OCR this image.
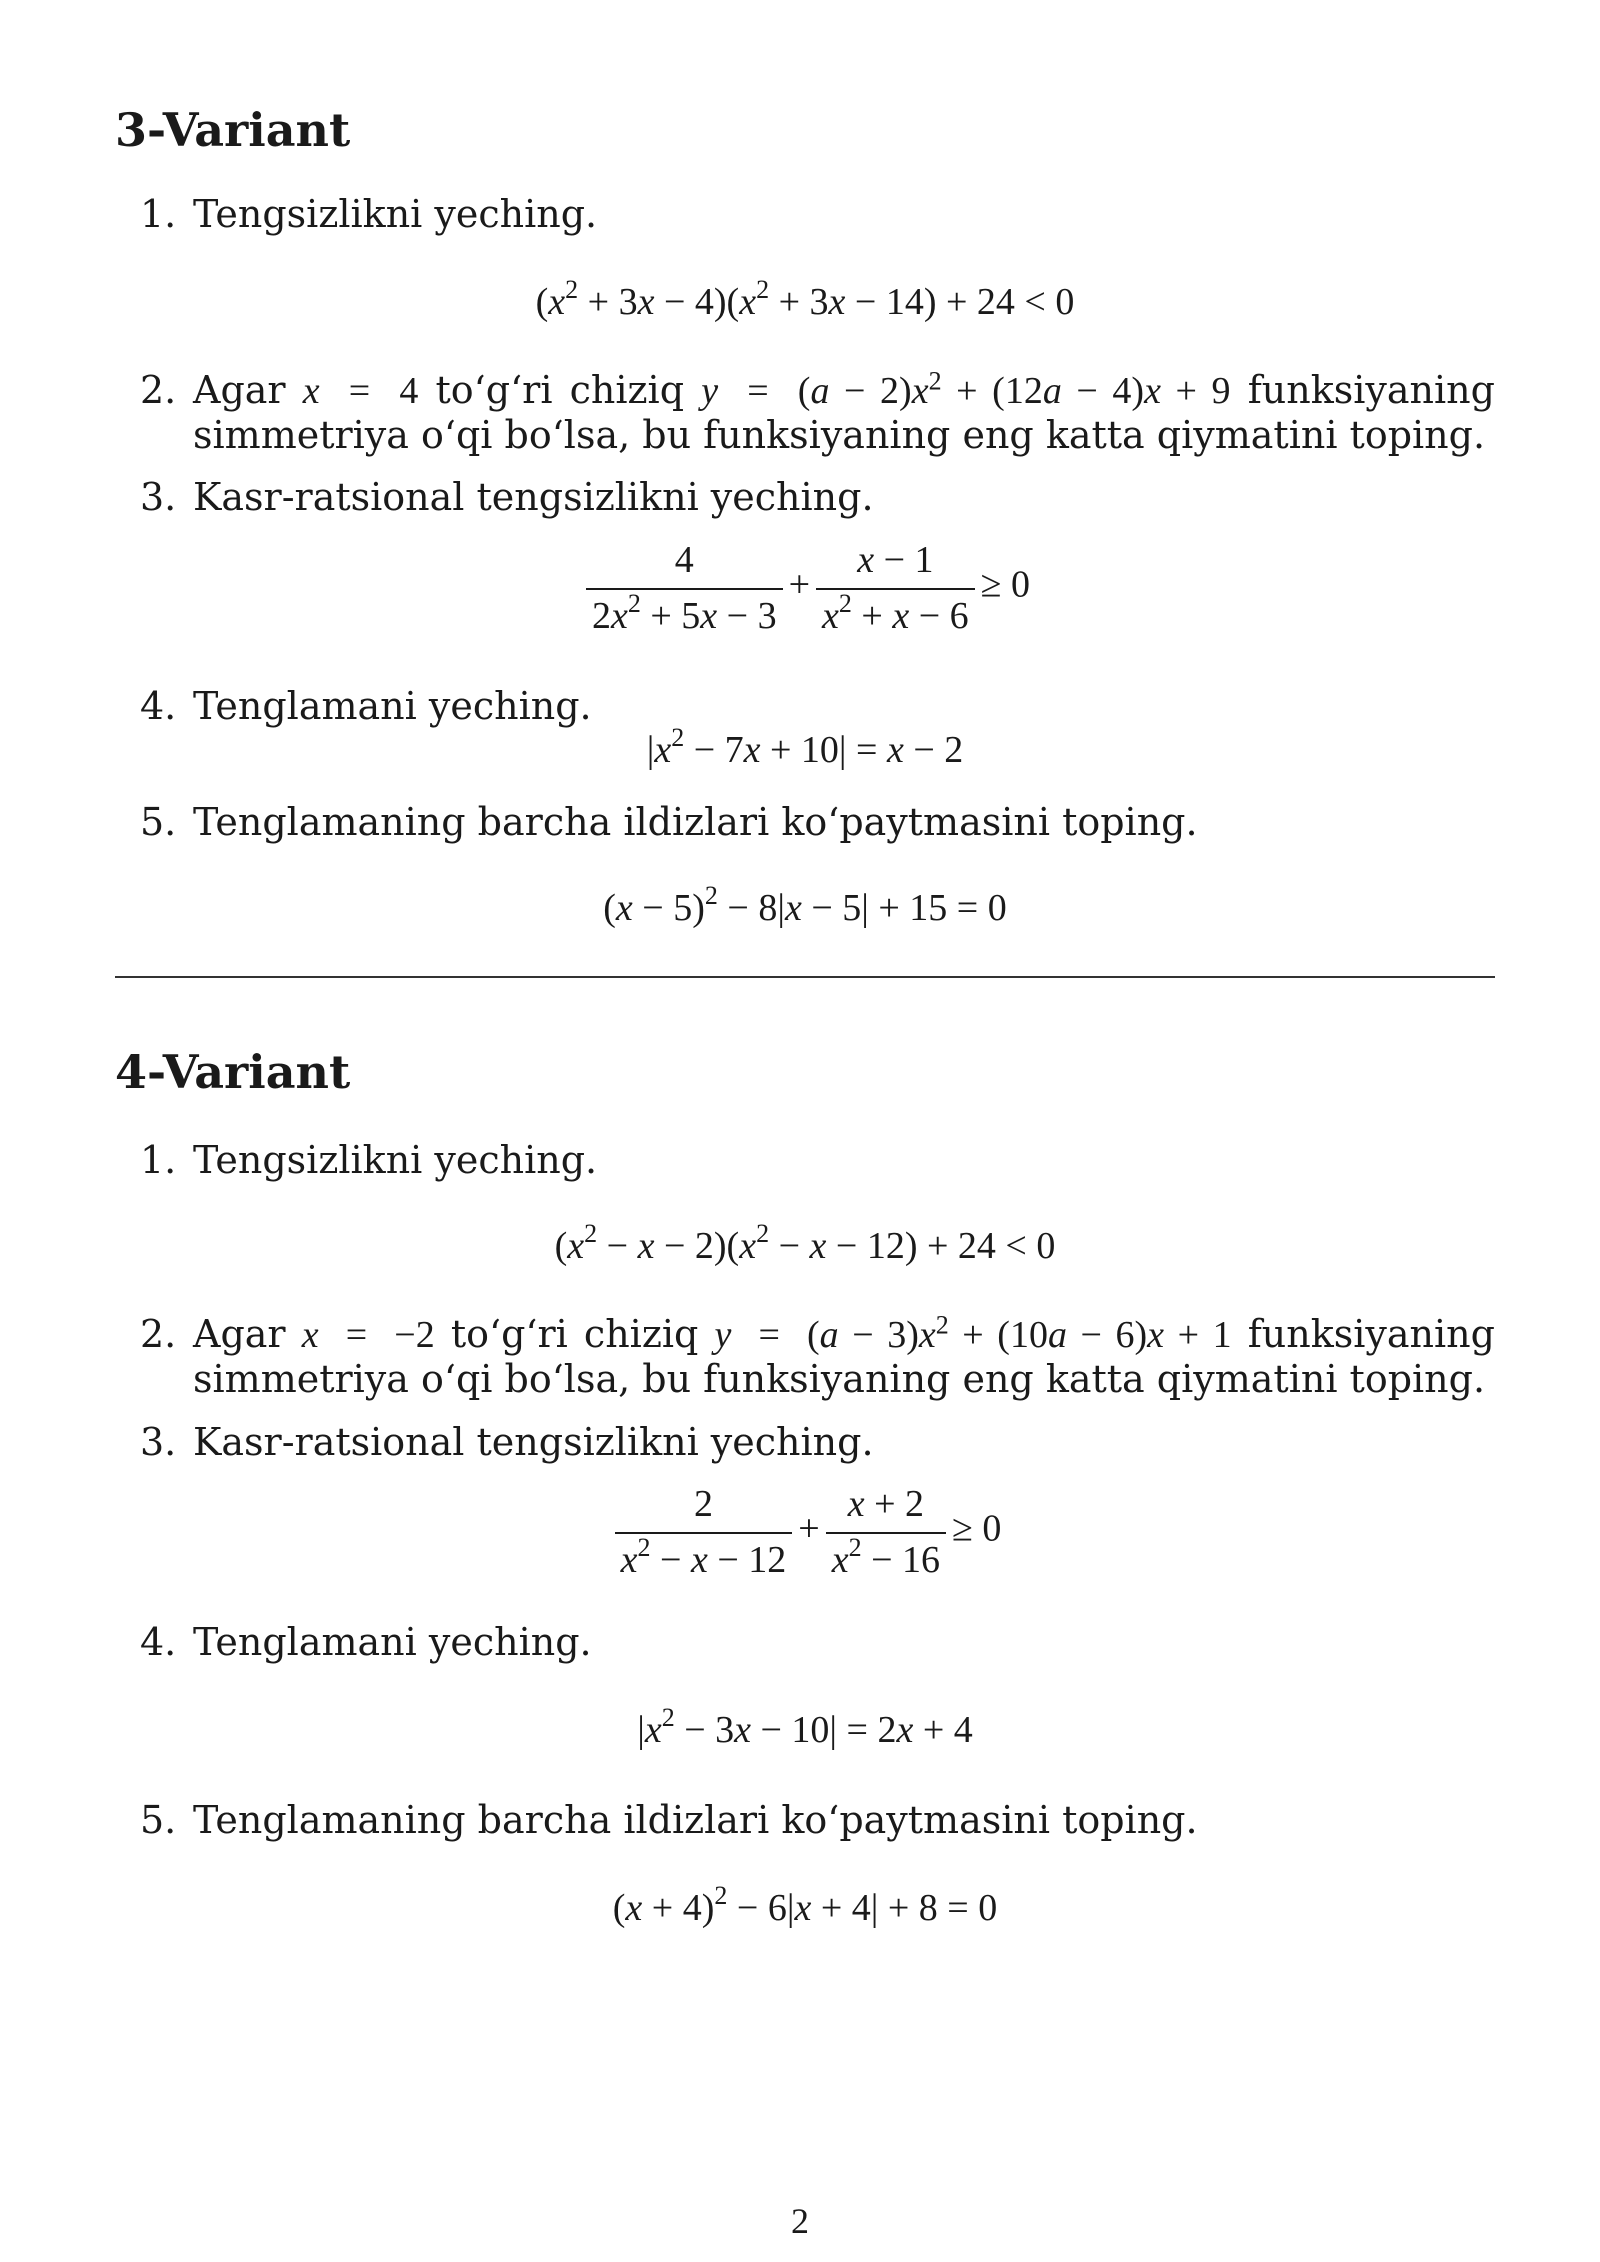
3-Variant
1. Tengsizlikni yeching.
$(x^2 + 3x - 4)(x^2 + 3x - 14) + 24 < 0$
2. Agar x  =  4 to‘g‘ri chiziq $y = (a - 2)x^2 + (12a - 4)x + 9$ funksiyaning
simmetriya o‘qi bo‘lsa, bu funksiyaning eng katta qiymatini toping.
3. Kasr-ratsional tengsizlikni yeching.
$\frac{4}{2x^2 + 5x - 3} + \frac{x - 1}{x^2 + x - 6} \ge 0$
4. Tenglamani yeching.
$|x^2 - 7x + 10| = x - 2$
5. Tenglamaning barcha ildizlari ko‘paytmasini toping.
$(x - 5)^2 - 8|x - 5| + 15 = 0$
4-Variant
1. Tengsizlikni yeching.
$(x^2 - x - 2)(x^2 - x - 12) + 24 < 0$
2. Agar x  =  −2 to‘g‘ri chiziq $y = (a - 3)x^2 + (10a - 6)x + 1$ funksiyaning
simmetriya o‘qi bo‘lsa, bu funksiyaning eng katta qiymatini toping.
3. Kasr-ratsional tengsizlikni yeching.
$\frac{2}{x^2 - x - 12} + \frac{x + 2}{x^2 - 16} \ge 0$
4. Tenglamani yeching.
$|x^2 - 3x - 10| = 2x + 4$
5. Tenglamaning barcha ildizlari ko‘paytmasini toping.
$(x + 4)^2 - 6|x + 4| + 8 = 0$
2
